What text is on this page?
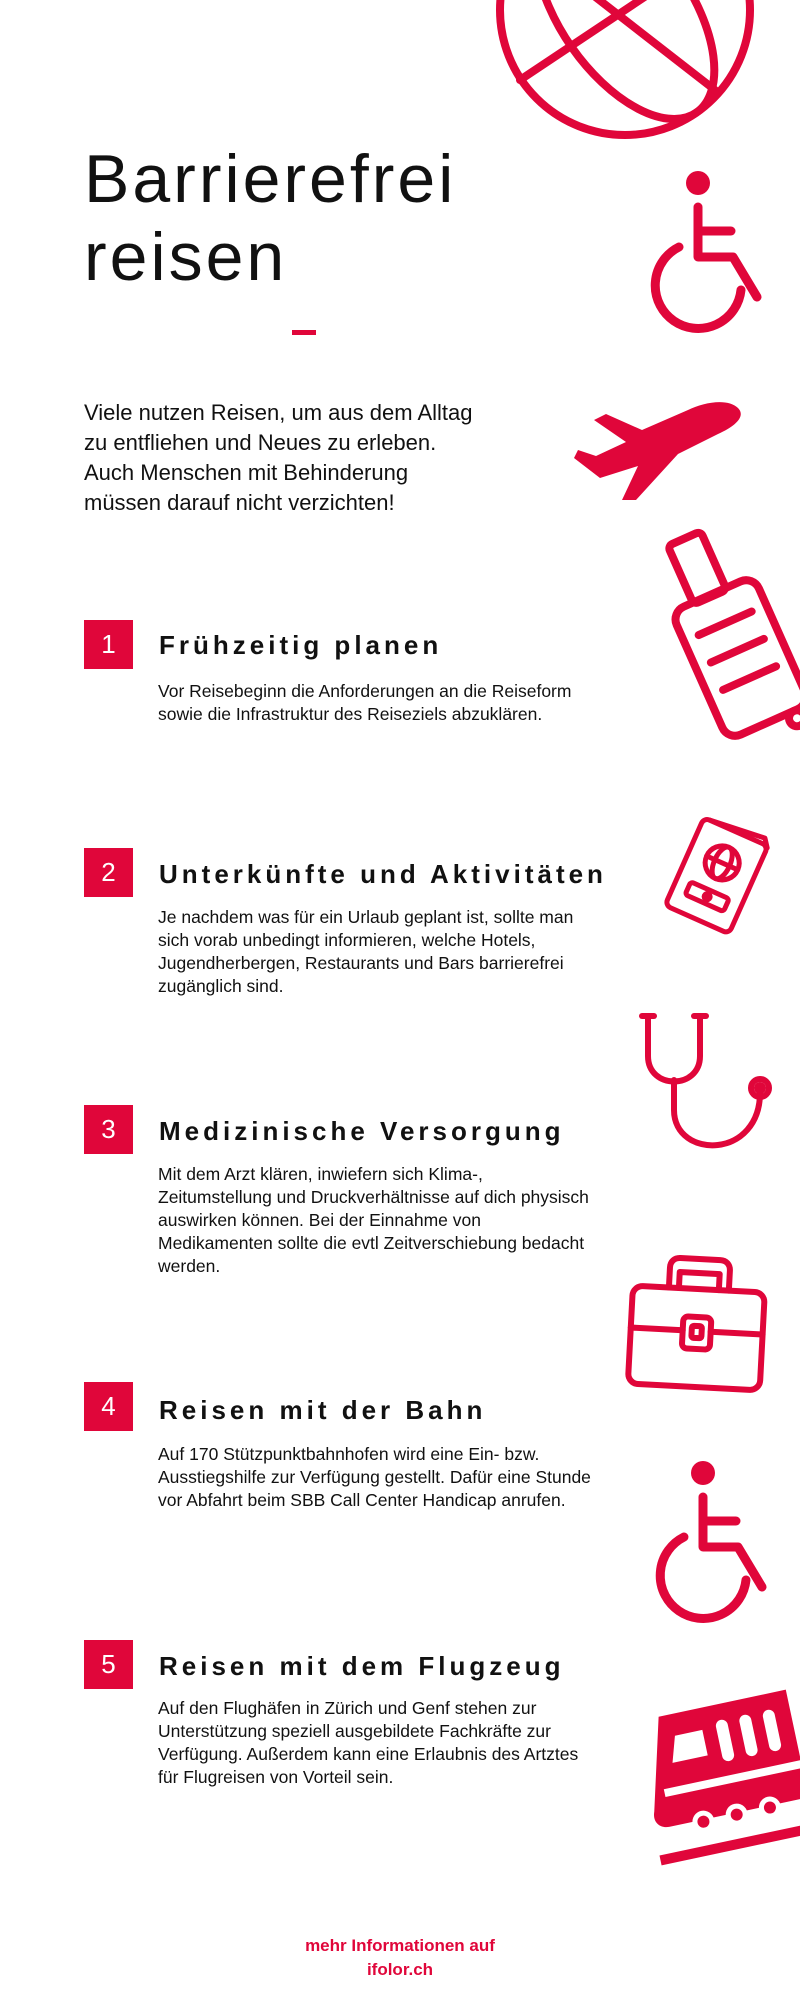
Barrierefrei
reisen

Viele nutzen Reisen, um aus dem Alltag zu entfliehen und Neues zu erleben. Auch Menschen mit Behinderung müssen darauf nicht verzichten!

1	Frühzeitig planen

Vor Reisebeginn die Anforderungen an die Reiseform sowie die Infrastruktur des Reiseziels abzuklären.

2	Unterkünfte und Aktivitäten

Je nachdem was für ein Urlaub geplant ist, sollte man sich vorab unbedingt informieren, welche Hotels, Jugendherbergen, Restaurants und Bars barrierefrei zugänglich sind.

3	Medizinische Versorgung

Mit dem Arzt klären, inwiefern sich Klima-, Zeitumstellung und Druckverhältnisse auf dich physisch auswirken können. Bei der Einnahme von Medikamenten sollte die evtl Zeitverschiebung bedacht werden.

4	Reisen mit der Bahn

Auf 170 Stützpunktbahnhofen wird eine Ein- bzw. Ausstiegshilfe zur Verfügung gestellt. Dafür eine Stunde vor Abfahrt beim SBB Call Center Handicap anrufen.

5	Reisen mit dem Flugzeug

Auf den Flughäfen in Zürich und Genf stehen zur Unterstützung speziell ausgebildete Fachkräfte zur Verfügung. Außerdem kann eine Erlaubnis des Artztes für Flugreisen von Vorteil sein.

mehr Informationen auf
ifolor.ch
